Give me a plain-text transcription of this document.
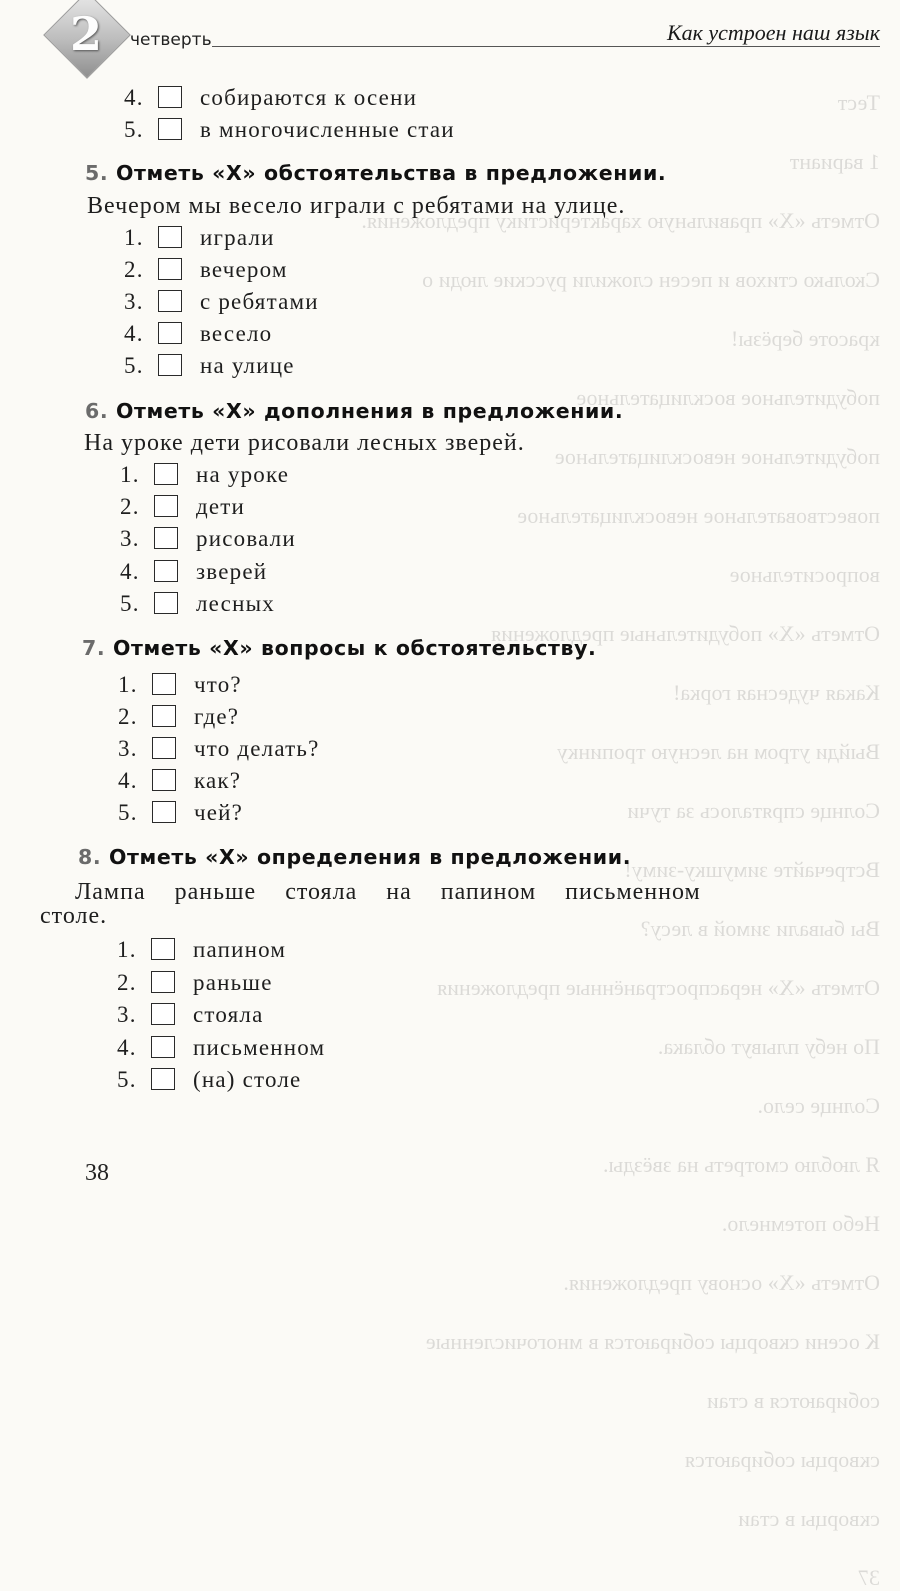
Тест
1 вариант
Отметь «X» правильную характеристику предложения.
Сколько стихов и песен сложили русские люди о
красоте берёзы!
побудительное восклицательное
побудительное невосклицательное
повествовательное невосклицательное
вопросительное
Отметь «X» побудительные предложения
Какая чудесная горка!
Выйди утром на лесную тропинку
Солнце спряталось за тучи
Встречайте зимушку-зиму!
Вы бывали зимой в лесу?
Отметь «X» нераспространённые предложения
По небу плывут облака.
Солнце село.
Я люблю смотреть на звёзды.
Небо потемнело.
Отметь «X» основу предложения.
К осени скворцы собираются в многочисленные
собираются в стаи
скворцы собираются
скворцы в стаи
37
2 четверть	Как устроен наш язык
4. собираются к осени
5. в многочисленные стаи
5. Отметь «X» обстоятельства в предложении.
Вечером мы весело играли с ребятами на улице.
1. играли
2. вечером
3. с ребятами
4. весело
5. на улице
6. Отметь «X» дополнения в предложении.
На уроке дети рисовали лесных зверей.
1. на уроке
2. дети
3. рисовали
4. зверей
5. лесных
7. Отметь «X» вопросы к обстоятельству.
1. что?
2. где?
3. что делать?
4. как?
5. чей?
8. Отметь «X» определения в предложении.
Лампа раньше стояла на папином письменном
столе.
1. папином
2. раньше
3. стояла
4. письменном
5. (на) столе
38
